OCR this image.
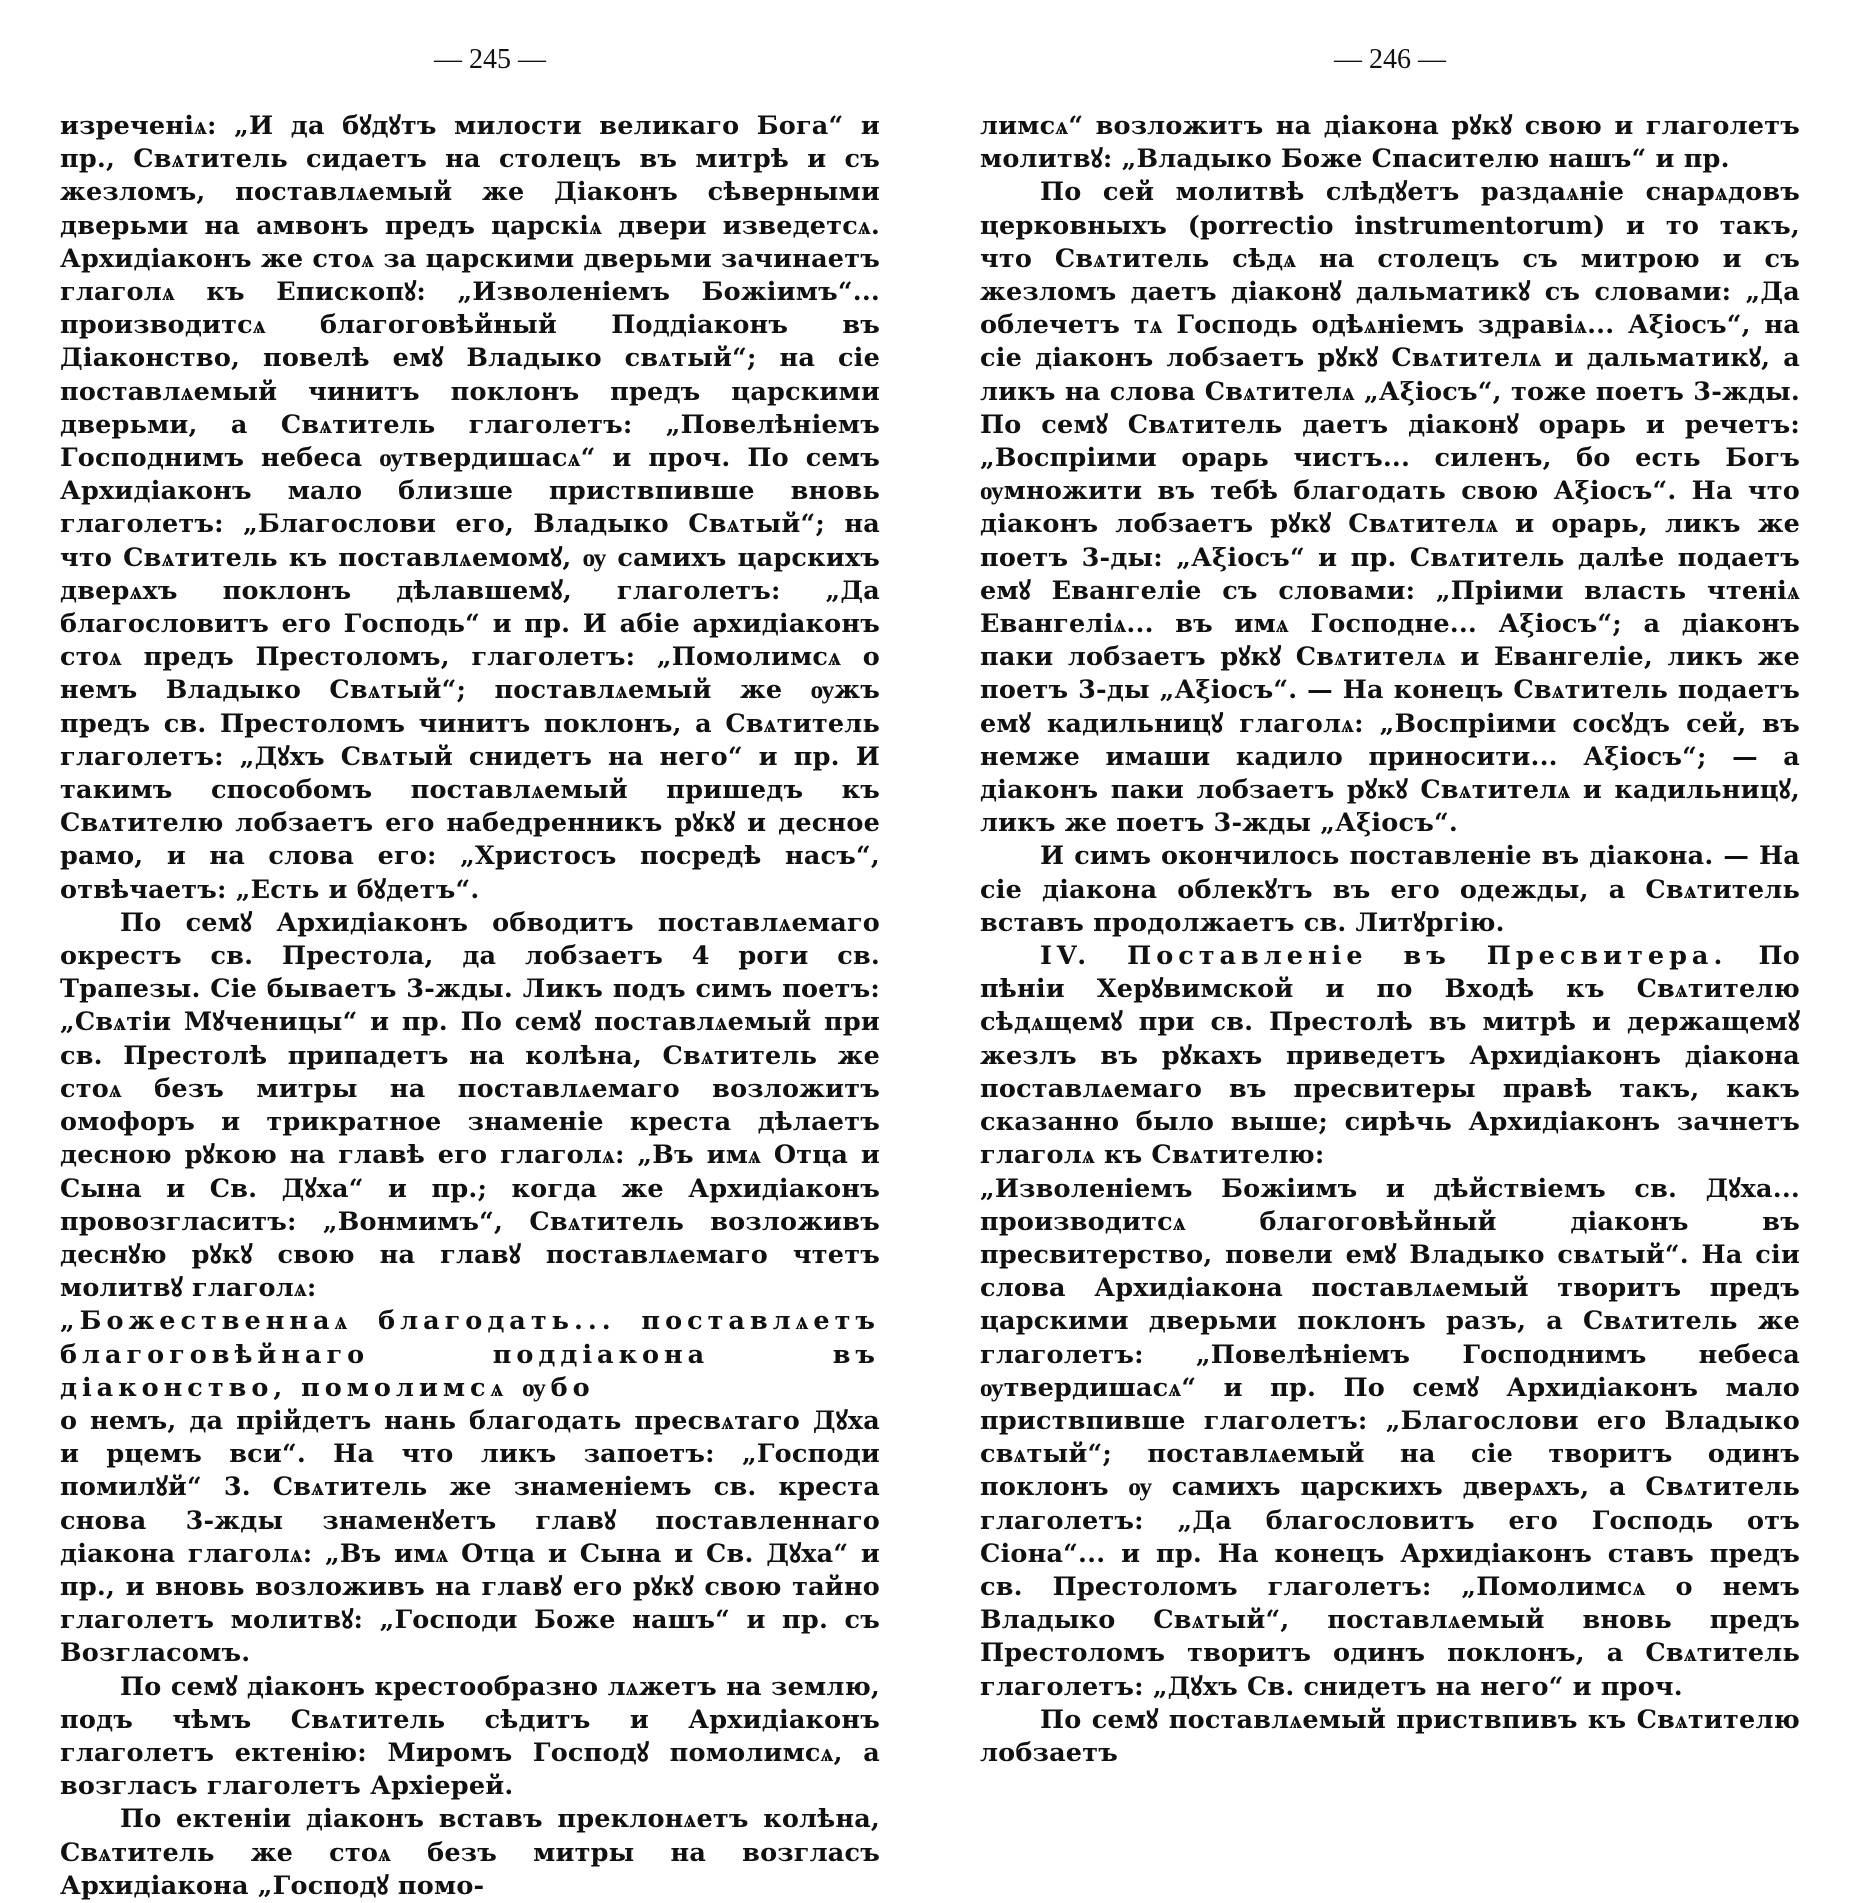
— 245 —

изреченіѧ: „И да бꙋдꙋтъ милости великаго Бога“ и пр., Свѧтитель сидаетъ на столецъ въ митрѣ и съ жезломъ, поставлѧемый же Діаконъ сѣверными дверьми на амвонъ предъ царскіѧ двери изведетсѧ. Архидіаконъ же стоѧ за царскими дверьми зачинаетъ глаголѧ къ Епископꙋ: „Изволеніемъ Божіимъ“... производитсѧ благоговѣйный Поддіаконъ въ Діаконство, повелѣ емꙋ Владыко свѧтый“; на сіе поставлѧемый чинитъ поклонъ предъ царскими дверьми, а Свѧтитель глаголетъ: „Повелѣніемъ Господнимъ небеса ѹтвердишасѧ“ и проч. По семъ Архидіаконъ мало близше приствпивше вновь глаголетъ: „Благослови его, Владыко Свѧтый“; на что Свѧтитель къ поставлѧемомꙋ, ѹ самихъ царскихъ дверѧхъ поклонъ дѣлавшемꙋ, глаголетъ: „Да благословитъ его Господь“ и пр. И абіе архидіаконъ стоѧ предъ Престоломъ, глаголетъ: „Помолимсѧ о немъ Владыко Свѧтый“; поставлѧемый же ѹжъ предъ св. Престоломъ чинитъ поклонъ, а Свѧтитель глаголетъ: „Дꙋхъ Свѧтый снидетъ на него“ и пр. И такимъ способомъ поставлѧемый пришедъ къ Свѧтителю лобзаетъ его набедренникъ рꙋкꙋ и десное рамо, и на слова его: „Христосъ посредѣ насъ“, отвѣчаетъ: „Есть и бꙋдетъ“.

По семꙋ Архидіаконъ обводитъ поставлѧемаго окрестъ св. Престола, да лобзаетъ 4 роги св. Трапезы. Сіе бываетъ 3-жды. Ликъ подъ симъ поетъ: „Свѧтіи Мꙋченицы“ и пр. По семꙋ поставлѧемый при св. Престолѣ припадетъ на колѣна, Свѧтитель же стоѧ безъ митры на поставлѧемаго возложитъ омофоръ и трикратное знаменіе креста дѣлаетъ десною рꙋкою на главѣ его глаголѧ: „Въ имѧ Отца и Сына и Св. Дꙋха“ и пр.; когда же Архидіаконъ провозгласитъ: „Вонмимъ“, Свѧтитель возложивъ деснꙋю рꙋкꙋ свою на главꙋ поставлѧемаго чтетъ молитвꙋ глаголѧ:

„Божественнаѧ благодать... поставлѧетъ благоговѣйнаго поддіакона въ діаконство, помолимсѧ ѹбо

о немъ, да прійдетъ нань благодать пресвѧтаго Дꙋха и рцемъ вси“. На что ликъ запоетъ: „Господи помилꙋй“ 3. Свѧтитель же знаменіемъ св. креста снова 3-жды знаменꙋетъ главꙋ поставленнаго діакона глаголѧ: „Въ имѧ Отца и Сына и Св. Дꙋха“ и пр., и вновь возложивъ на главꙋ его рꙋкꙋ свою тайно глаголетъ молитвꙋ: „Господи Боже нашъ“ и пр. съ Возгласомъ.

По семꙋ діаконъ крестообразно лѧжетъ на землю, подъ чѣмъ Свѧтитель сѣдитъ и Архидіаконъ глаголетъ ектенію: Миромъ Господꙋ помолимсѧ, а возгласъ глаголетъ Архіерей.

По ектеніи діаконъ вставъ преклонѧетъ колѣна, Свѧтитель же стоѧ безъ митры на возгласъ Архидіакона „Господꙋ помо-

— 246 —

лимсѧ“ возложитъ на діакона рꙋкꙋ свою и глаголетъ молитвꙋ: „Владыко Боже Спасителю нашъ“ и пр.

По сей молитвѣ слѣдꙋетъ раздаѧніе снарѧдовъ церковныхъ (porrectio instrumentorum) и то такъ, что Свѧтитель сѣдѧ на столецъ съ митрою и съ жезломъ даетъ діаконꙋ дальматикꙋ съ словами: „Да облечетъ тѧ Господь одѣѧніемъ здравіѧ... Аξіосъ“, на сіе діаконъ лобзаетъ рꙋкꙋ Свѧтителѧ и дальматикꙋ, а ликъ на слова Свѧтителѧ „Аξіосъ“, тоже поетъ 3-жды. По семꙋ Свѧтитель даетъ діаконꙋ орарь и речетъ: „Воспріими орарь чистъ... силенъ, бо есть Богъ ѹмножити въ тебѣ благодать свою Аξіосъ“. На что діаконъ лобзаетъ рꙋкꙋ Свѧтителѧ и орарь, ликъ же поетъ 3-ды: „Аξіосъ“ и пр. Свѧтитель далѣе подаетъ емꙋ Евангеліе съ словами: „Пріими власть чтеніѧ Евангеліѧ... въ имѧ Господне... Аξіосъ“; а діаконъ паки лобзаетъ рꙋкꙋ Свѧтителѧ и Евангеліе, ликъ же поетъ 3-ды „Аξіосъ“. — На конецъ Свѧтитель подаетъ емꙋ кадильницꙋ глаголѧ: „Воспріими сосꙋдъ сей, въ немже имаши кадило приносити... Аξіосъ“; — а діаконъ паки лобзаетъ рꙋкꙋ Свѧтителѧ и кадильницꙋ, ликъ же поетъ 3-жды „Аξіосъ“.

И симъ окончилось поставленіе въ діакона. — На сіе діакона облекꙋтъ въ его одежды, а Свѧтитель вставъ продолжаетъ св. Литꙋргію.

IV. Поставленіе въ Пресвитера. По пѣніи Херꙋвимской и по Входѣ къ Свѧтителю сѣдѧщемꙋ при св. Престолѣ въ митрѣ и держащемꙋ жезлъ въ рꙋкахъ приведетъ Архидіаконъ діакона поставлѧемаго въ пресвитеры правѣ такъ, какъ сказанно было выше; сирѣчь Архидіаконъ зачнетъ глаголѧ къ Свѧтителю:

„Изволеніемъ Божіимъ и дѣйствіемъ св. Дꙋха... производитсѧ благоговѣйный діаконъ въ пресвитерство, повели емꙋ Владыко свѧтый“. На сіи слова Архидіакона поставлѧемый творитъ предъ царскими дверьми поклонъ разъ, а Свѧтитель же глаголетъ: „Повелѣніемъ Господнимъ небеса ѹтвердишасѧ“ и пр. По семꙋ Архидіаконъ мало приствпивше глаголетъ: „Благослови его Владыко свѧтый“; поставлѧемый на сіе творитъ одинъ поклонъ ѹ самихъ царскихъ дверѧхъ, а Свѧтитель глаголетъ: „Да благословитъ его Господь отъ Сіона“... и пр. На конецъ Архидіаконъ ставъ предъ св. Престоломъ глаголетъ: „Помолимсѧ о немъ Владыко Свѧтый“, поставлѧемый вновь предъ Престоломъ творитъ одинъ поклонъ, а Свѧтитель глаголетъ: „Дꙋхъ Св. снидетъ на него“ и проч.

По семꙋ поставлѧемый приствпивъ къ Свѧтителю лобзаетъ
